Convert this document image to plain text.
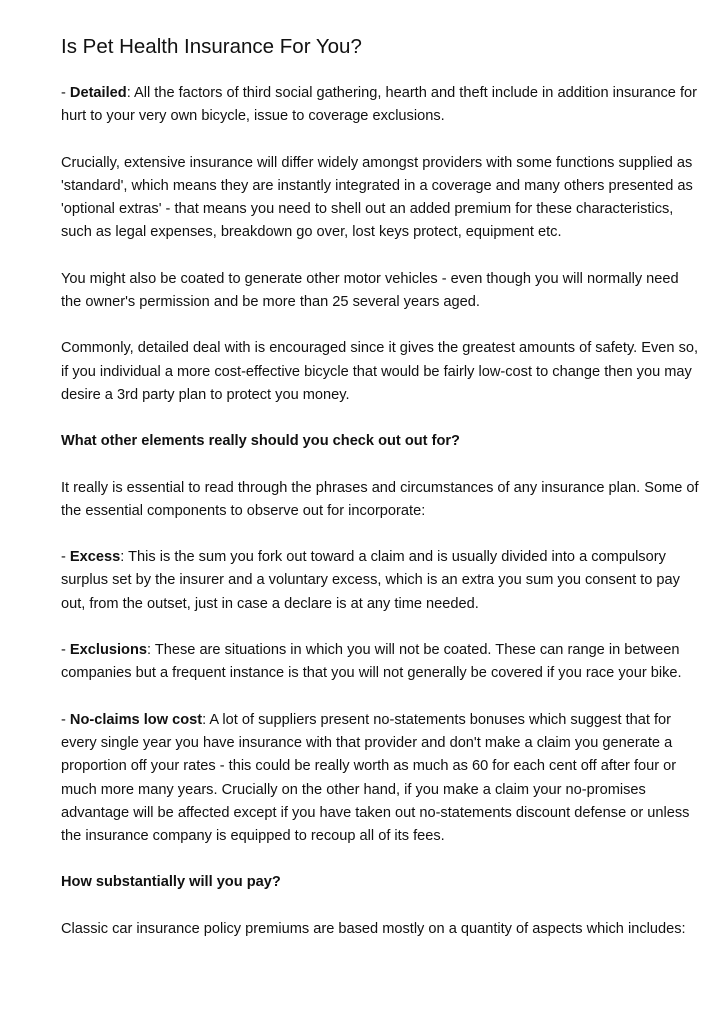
Is Pet Health Insurance For You?

- Detailed: All the factors of third social gathering, hearth and theft include in addition insurance for hurt to your very own bicycle, issue to coverage exclusions.

Crucially, extensive insurance will differ widely amongst providers with some functions supplied as 'standard', which means they are instantly integrated in a coverage and many others presented as 'optional extras' - that means you need to shell out an added premium for these characteristics, such as legal expenses, breakdown go over, lost keys protect, equipment etc.

You might also be coated to generate other motor vehicles - even though you will normally need the owner's permission and be more than 25 several years aged.

Commonly, detailed deal with is encouraged since it gives the greatest amounts of safety. Even so, if you individual a more cost-effective bicycle that would be fairly low-cost to change then you may desire a 3rd party plan to protect you money.

What other elements really should you check out out for?

It really is essential to read through the phrases and circumstances of any insurance plan. Some of the essential components to observe out for incorporate:

- Excess: This is the sum you fork out toward a claim and is usually divided into a compulsory surplus set by the insurer and a voluntary excess, which is an extra you sum you consent to pay out, from the outset, just in case a declare is at any time needed.

- Exclusions: These are situations in which you will not be coated. These can range in between companies but a frequent instance is that you will not generally be covered if you race your bike.

- No-claims low cost: A lot of suppliers present no-statements bonuses which suggest that for every single year you have insurance with that provider and don't make a claim you generate a proportion off your rates - this could be really worth as much as 60 for each cent off after four or much more many years. Crucially on the other hand, if you make a claim your no-promises advantage will be affected except if you have taken out no-statements discount defense or unless the insurance company is equipped to recoup all of its fees.

How substantially will you pay?

Classic car insurance policy premiums are based mostly on a quantity of aspects which includes:
